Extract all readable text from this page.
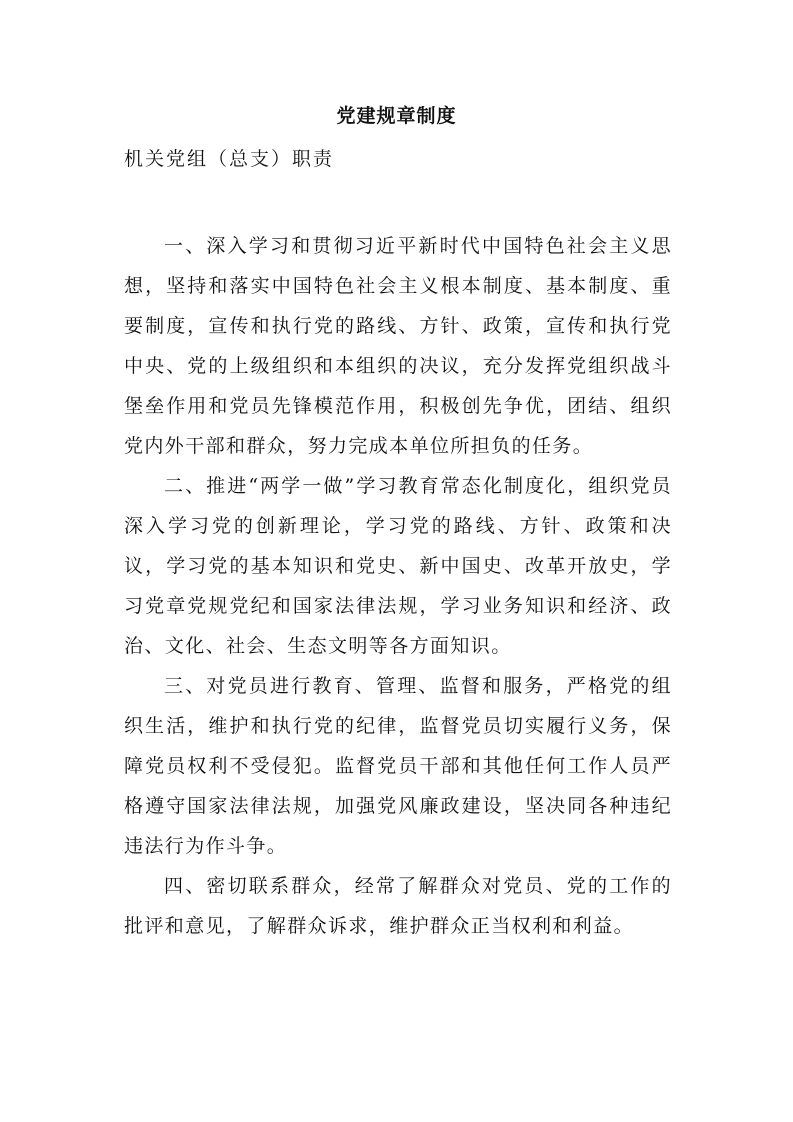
党建规章制度
机关党组（总支）职责

一、深入学习和贯彻习近平新时代中国特色社会主义思想，坚持和落实中国特色社会主义根本制度、基本制度、重要制度，宣传和执行党的路线、方针、政策，宣传和执行党中央、党的上级组织和本组织的决议，充分发挥党组织战斗堡垒作用和党员先锋模范作用，积极创先争优，团结、组织党内外干部和群众，努力完成本单位所担负的任务。

二、推进“两学一做”学习教育常态化制度化，组织党员深入学习党的创新理论，学习党的路线、方针、政策和决议，学习党的基本知识和党史、新中国史、改革开放史，学习党章党规党纪和国家法律法规，学习业务知识和经济、政治、文化、社会、生态文明等各方面知识。

三、对党员进行教育、管理、监督和服务，严格党的组织生活，维护和执行党的纪律，监督党员切实履行义务，保障党员权利不受侵犯。监督党员干部和其他任何工作人员严格遵守国家法律法规，加强党风廉政建设，坚决同各种违纪违法行为作斗争。

四、密切联系群众，经常了解群众对党员、党的工作的批评和意见，了解群众诉求，维护群众正当权利和利益。
